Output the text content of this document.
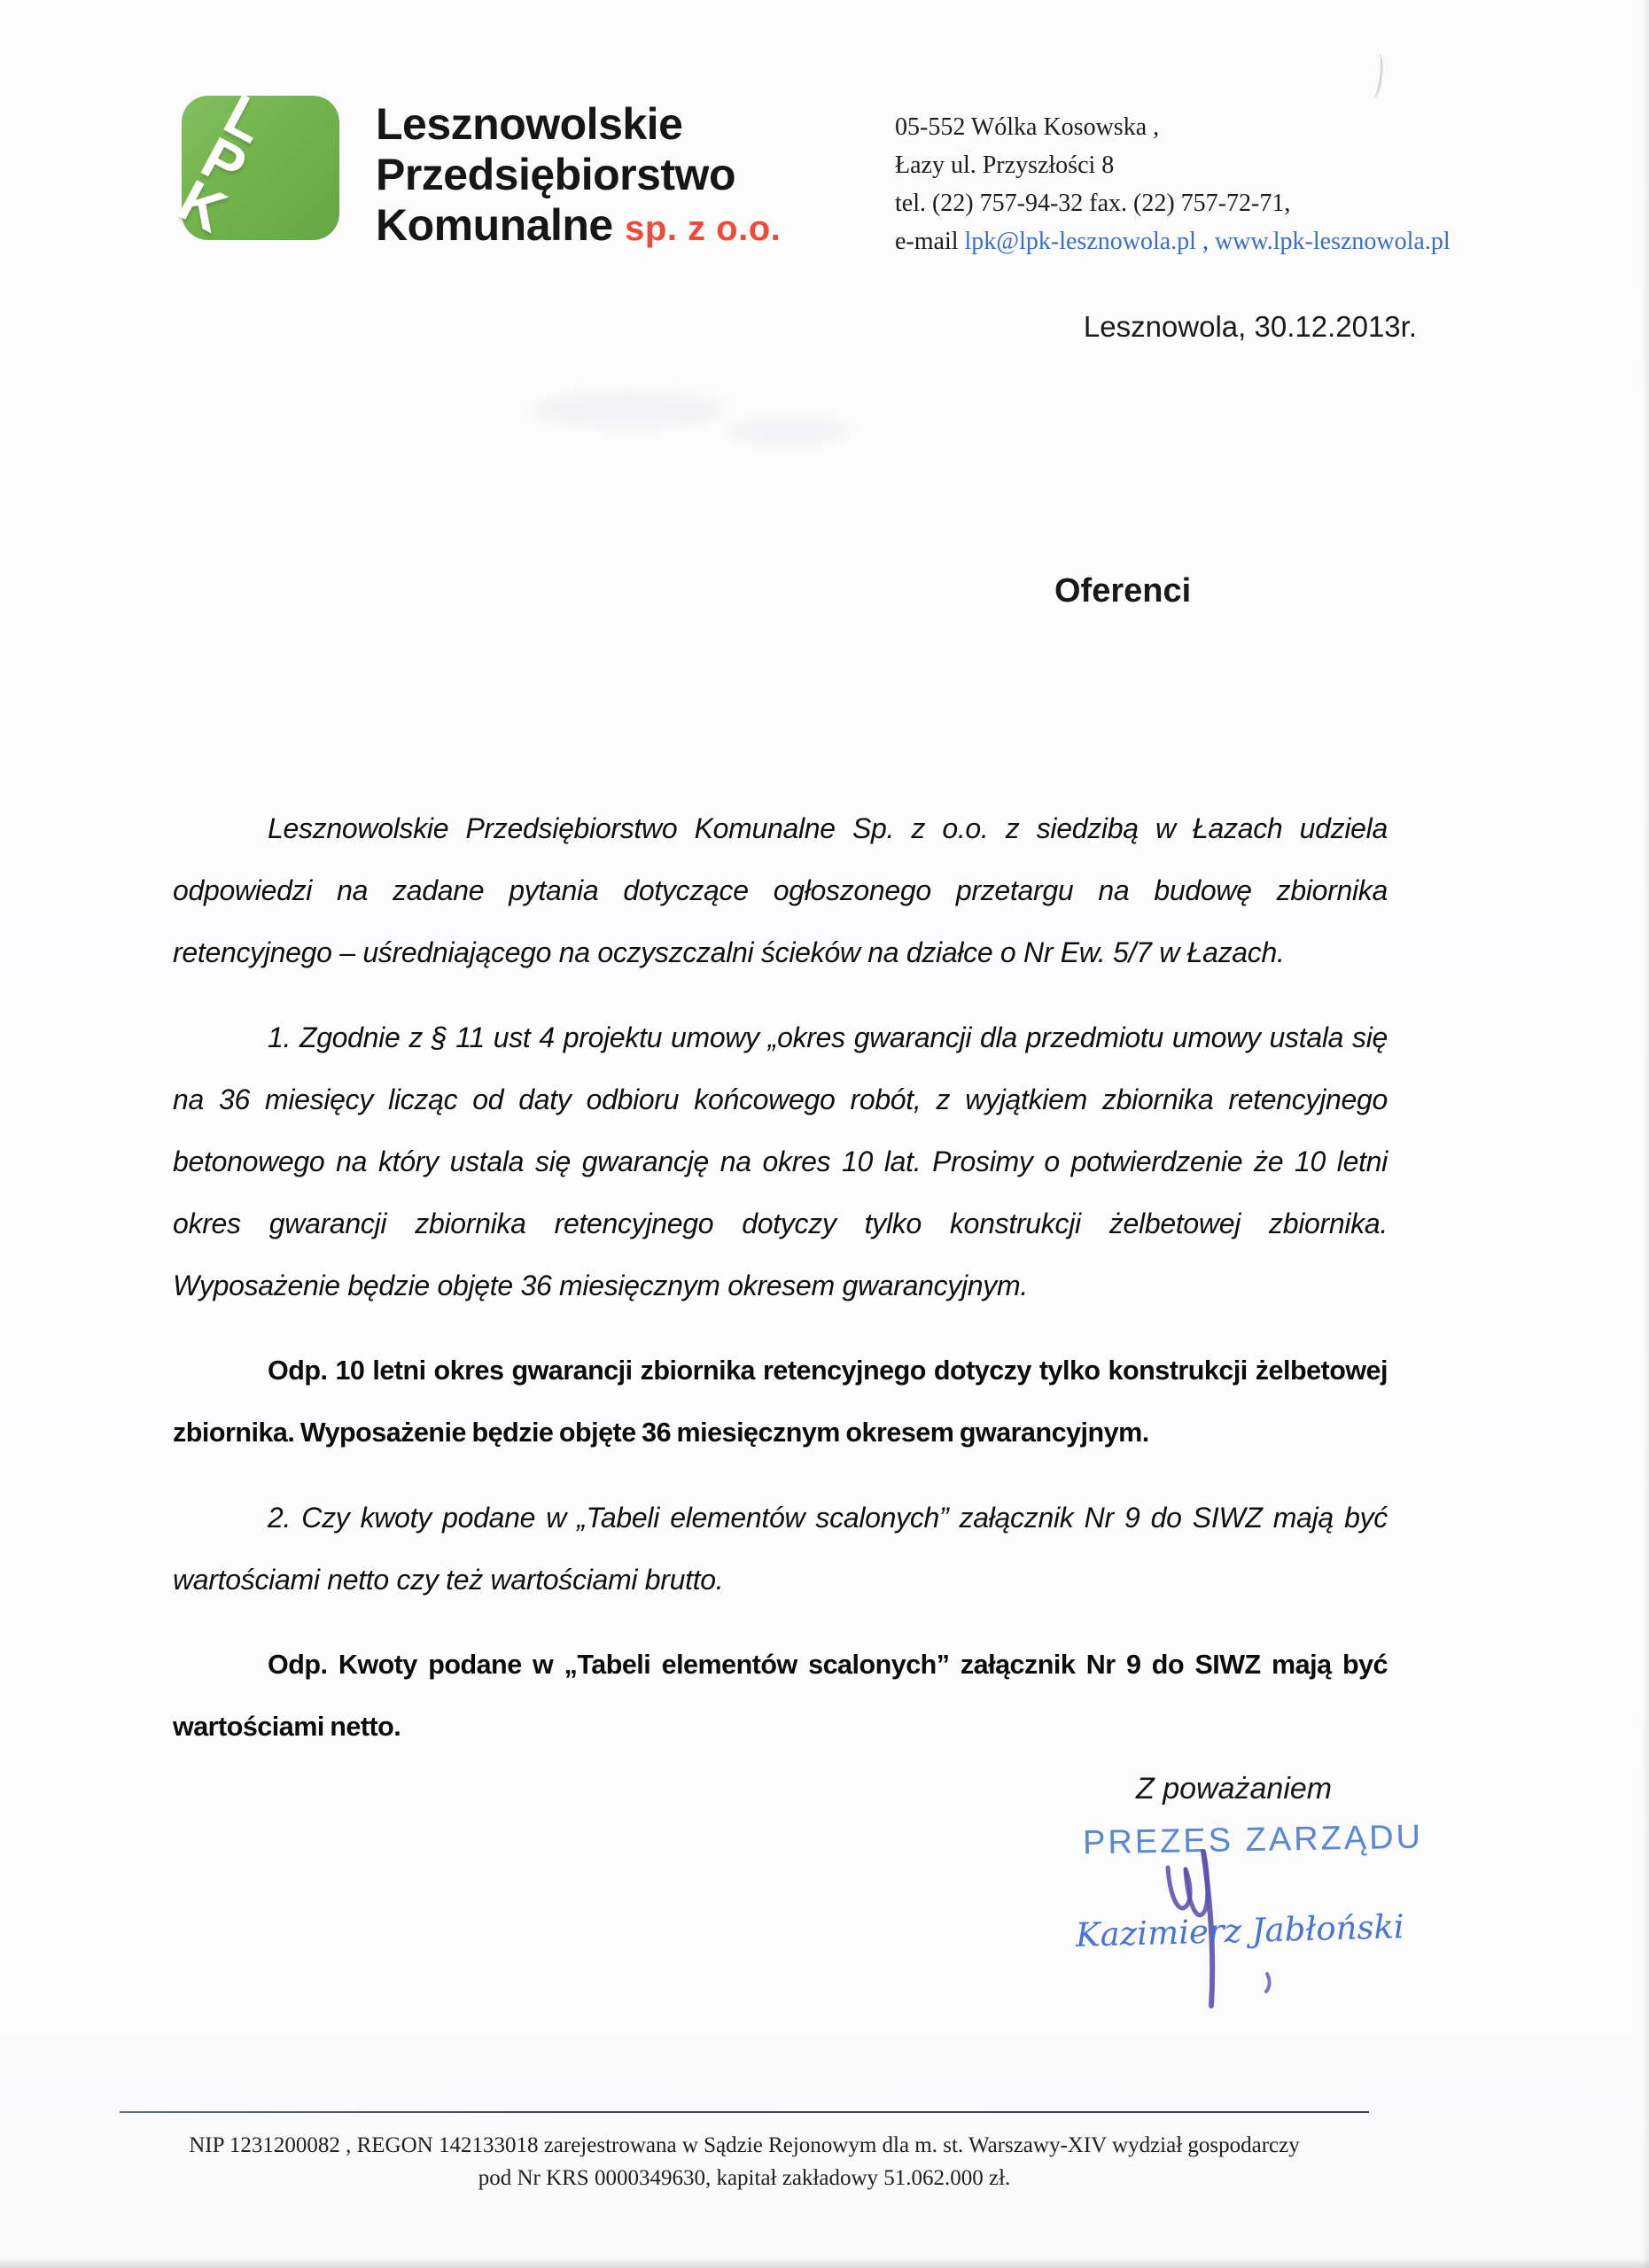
L
P
K
Lesznowolskie
Przedsiębiorstwo
Komunalne sp. z o.o.
05-552 Wólka Kosowska ,
Łazy ul. Przyszłości 8
tel. (22) 757-94-32 fax. (22) 757-72-71,
e-mail lpk@lpk-lesznowola.pl , www.lpk-lesznowola.pl
Lesznowola, 30.12.2013r.
Oferenci

Lesznowolskie Przedsiębiorstwo Komunalne Sp. z o.o. z siedzibą w Łazach udziela odpowiedzi na zadane pytania dotyczące ogłoszonego przetargu na budowę zbiornika retencyjnego – uśredniającego na oczyszczalni ścieków na działce o Nr Ew. 5/7 w Łazach.

1. Zgodnie z § 11 ust 4 projektu umowy „okres gwarancji dla przedmiotu umowy ustala się na 36 miesięcy licząc od daty odbioru końcowego robót, z wyjątkiem zbiornika retencyjnego betonowego na który ustala się gwarancję na okres 10 lat. Prosimy o potwierdzenie że 10 letni okres gwarancji zbiornika retencyjnego dotyczy tylko konstrukcji żelbetowej zbiornika. Wyposażenie będzie objęte 36 miesięcznym okresem gwarancyjnym.

Odp. 10 letni okres gwarancji zbiornika retencyjnego dotyczy tylko konstrukcji żelbetowej zbiornika. Wyposażenie będzie objęte 36 miesięcznym okresem gwarancyjnym.

2. Czy kwoty podane w „Tabeli elementów scalonych” załącznik Nr 9 do SIWZ mają być wartościami netto czy też wartościami brutto.

Odp. Kwoty podane w „Tabeli elementów scalonych” załącznik Nr 9 do SIWZ mają być wartościami netto.

Z poważaniem
PREZES ZARZĄDU
Kazimierz Jabłoński
NIP 1231200082 , REGON 142133018 zarejestrowana w Sądzie Rejonowym dla m. st. Warszawy-XIV wydział gospodarczy
pod Nr KRS 0000349630, kapitał zakładowy 51.062.000 zł.
